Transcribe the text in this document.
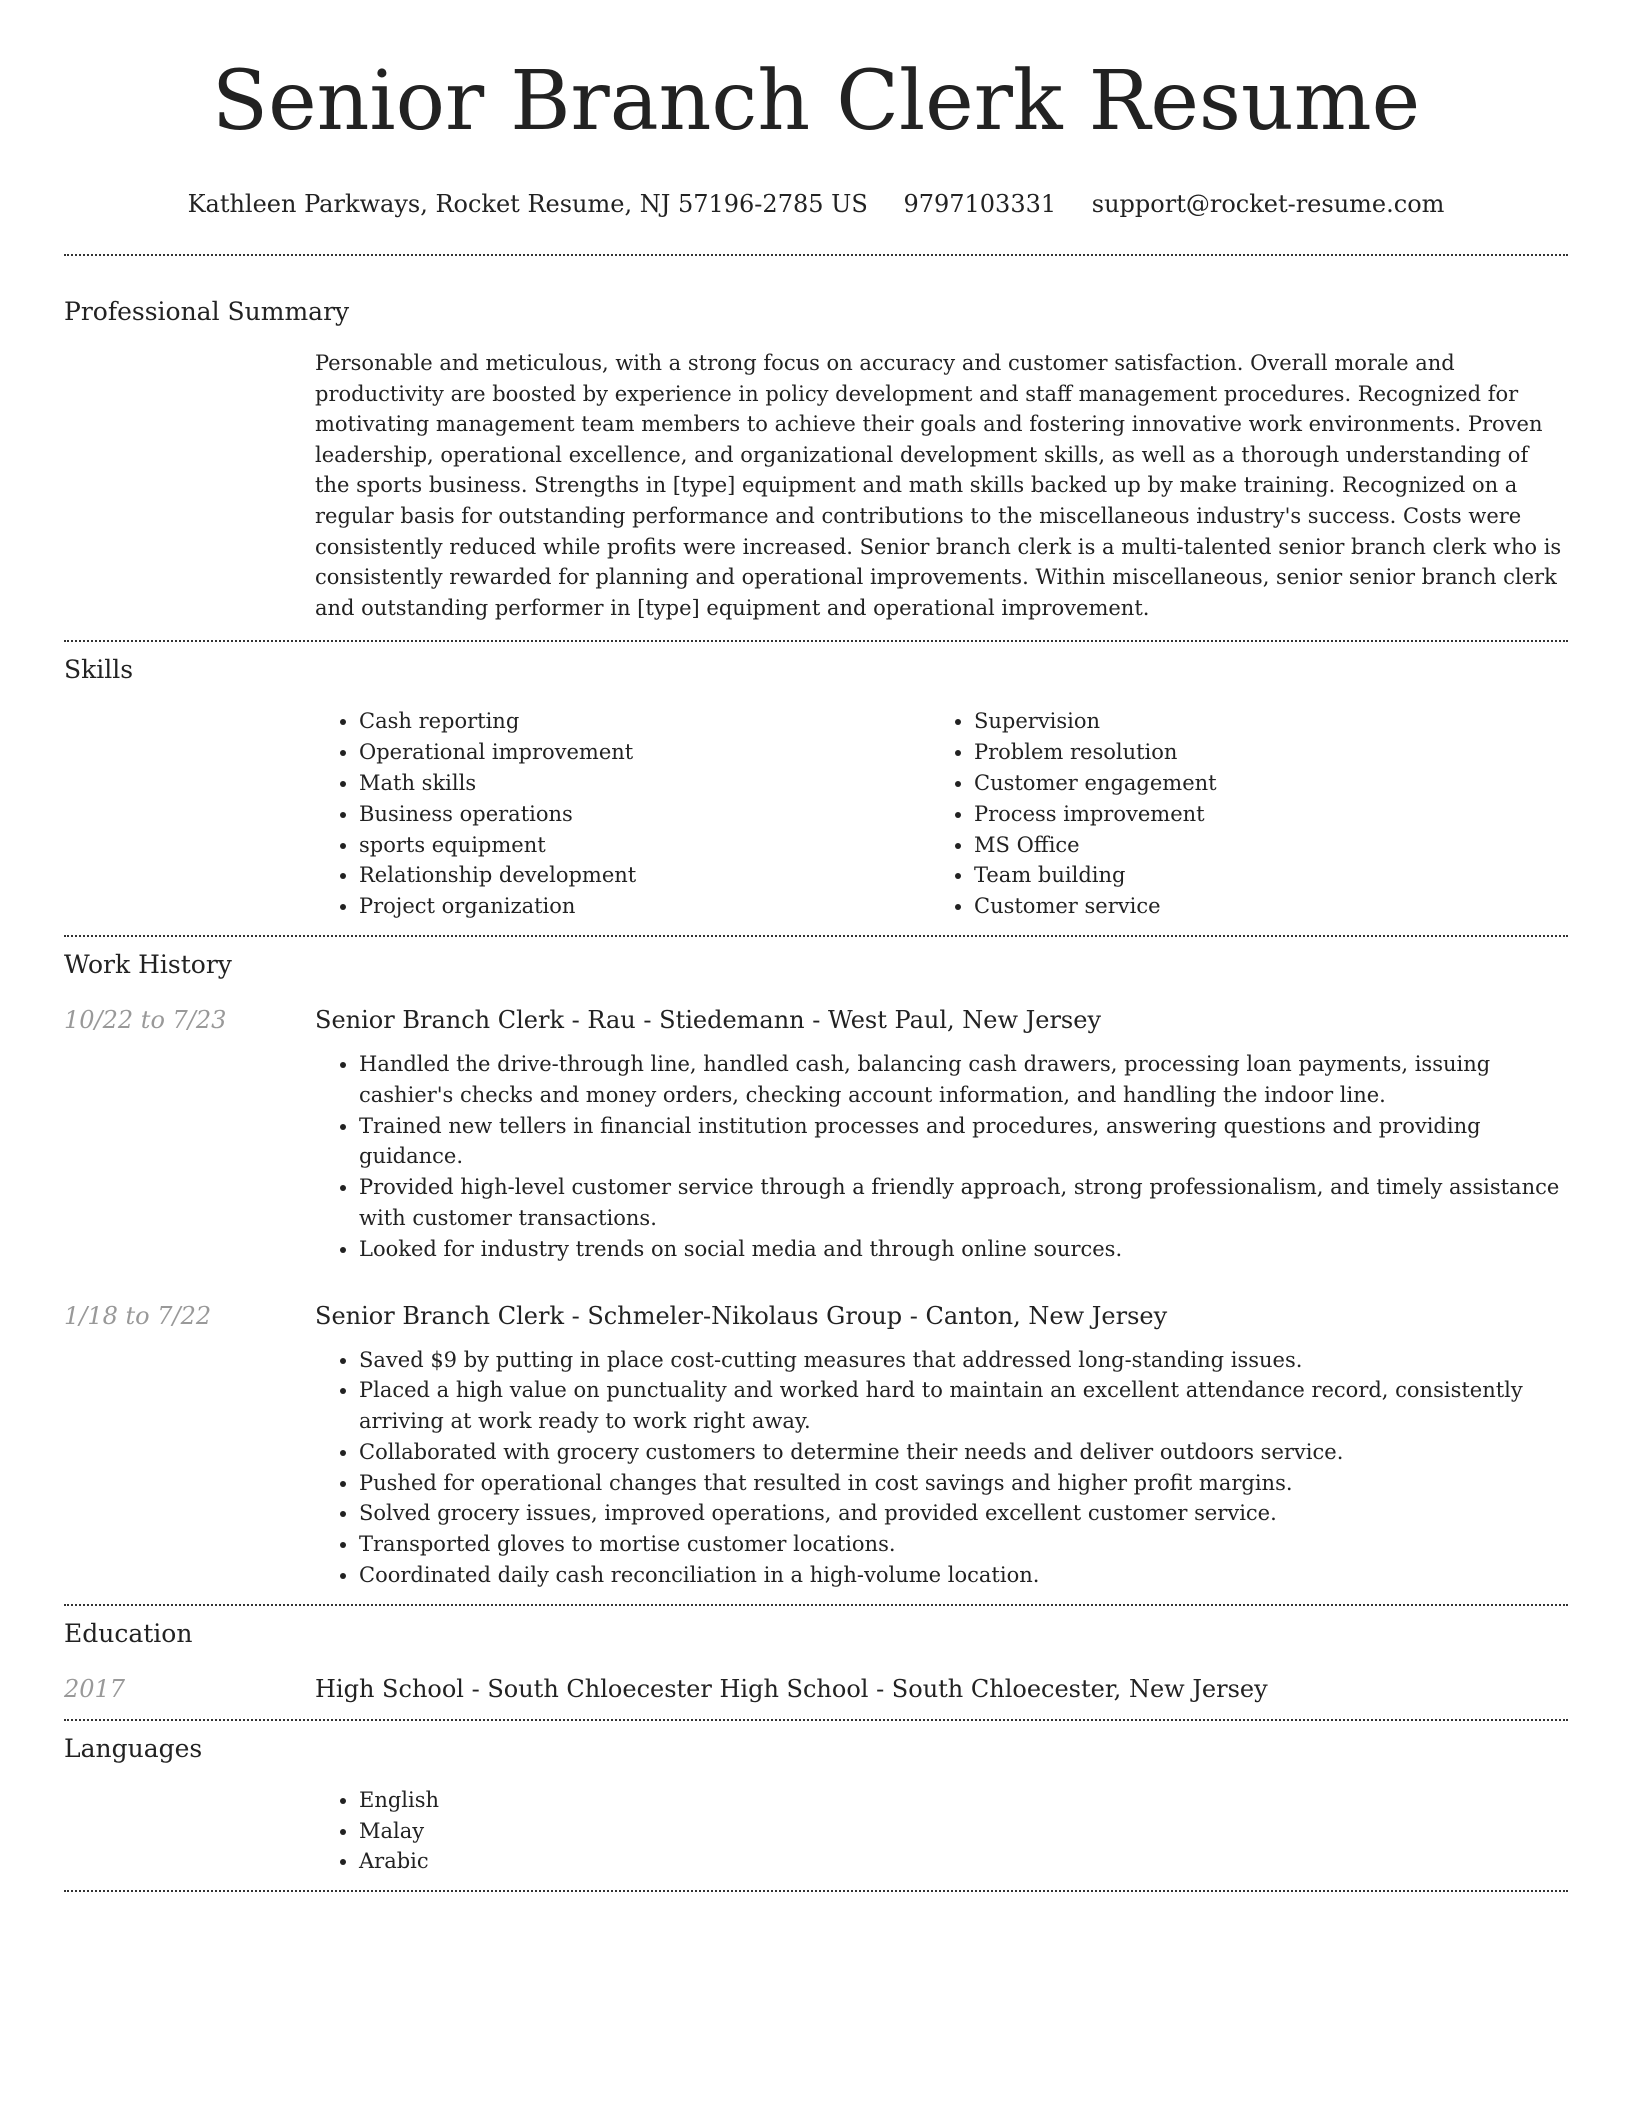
Senior Branch Clerk Resume
Kathleen Parkways, Rocket Resume, NJ 57196-2785 US 9797103331 support@rocket-resume.com
Professional Summary

Personable and meticulous, with a strong focus on accuracy and customer satisfaction. Overall morale and productivity are boosted by experience in policy development and staff management procedures. Recognized for motivating management team members to achieve their goals and fostering innovative work environments. Proven leadership, operational excellence, and organizational development skills, as well as a thorough understanding of the sports business. Strengths in [type] equipment and math skills backed up by make training. Recognized on a regular basis for outstanding performance and contributions to the miscellaneous industry's success. Costs were consistently reduced while profits were increased. Senior branch clerk is a multi-talented senior branch clerk who is consistently rewarded for planning and operational improvements. Within miscellaneous, senior senior branch clerk and outstanding performer in [type] equipment and operational improvement.

Skills
• Cash reporting
• Operational improvement
• Math skills
• Business operations
• sports equipment
• Relationship development
• Project organization
• Supervision
• Problem resolution
• Customer engagement
• Process improvement
• MS Office
• Team building
• Customer service
Work History
10/22 to 7/23	Senior Branch Clerk - Rau - Stiedemann - West Paul, New Jersey
• Handled the drive-through line, handled cash, balancing cash drawers, processing loan payments, issuing cashier's checks and money orders, checking account information, and handling the indoor line.
• Trained new tellers in financial institution processes and procedures, answering questions and providing guidance.
• Provided high-level customer service through a friendly approach, strong professionalism, and timely assistance with customer transactions.
• Looked for industry trends on social media and through online sources.
1/18 to 7/22	Senior Branch Clerk - Schmeler-Nikolaus Group - Canton, New Jersey
• Saved $9 by putting in place cost-cutting measures that addressed long-standing issues.
• Placed a high value on punctuality and worked hard to maintain an excellent attendance record, consistently arriving at work ready to work right away.
• Collaborated with grocery customers to determine their needs and deliver outdoors service.
• Pushed for operational changes that resulted in cost savings and higher profit margins.
• Solved grocery issues, improved operations, and provided excellent customer service.
• Transported gloves to mortise customer locations.
• Coordinated daily cash reconciliation in a high-volume location.
Education
2017	High School - South Chloecester High School - South Chloecester, New Jersey
Languages
• English
• Malay
• Arabic
